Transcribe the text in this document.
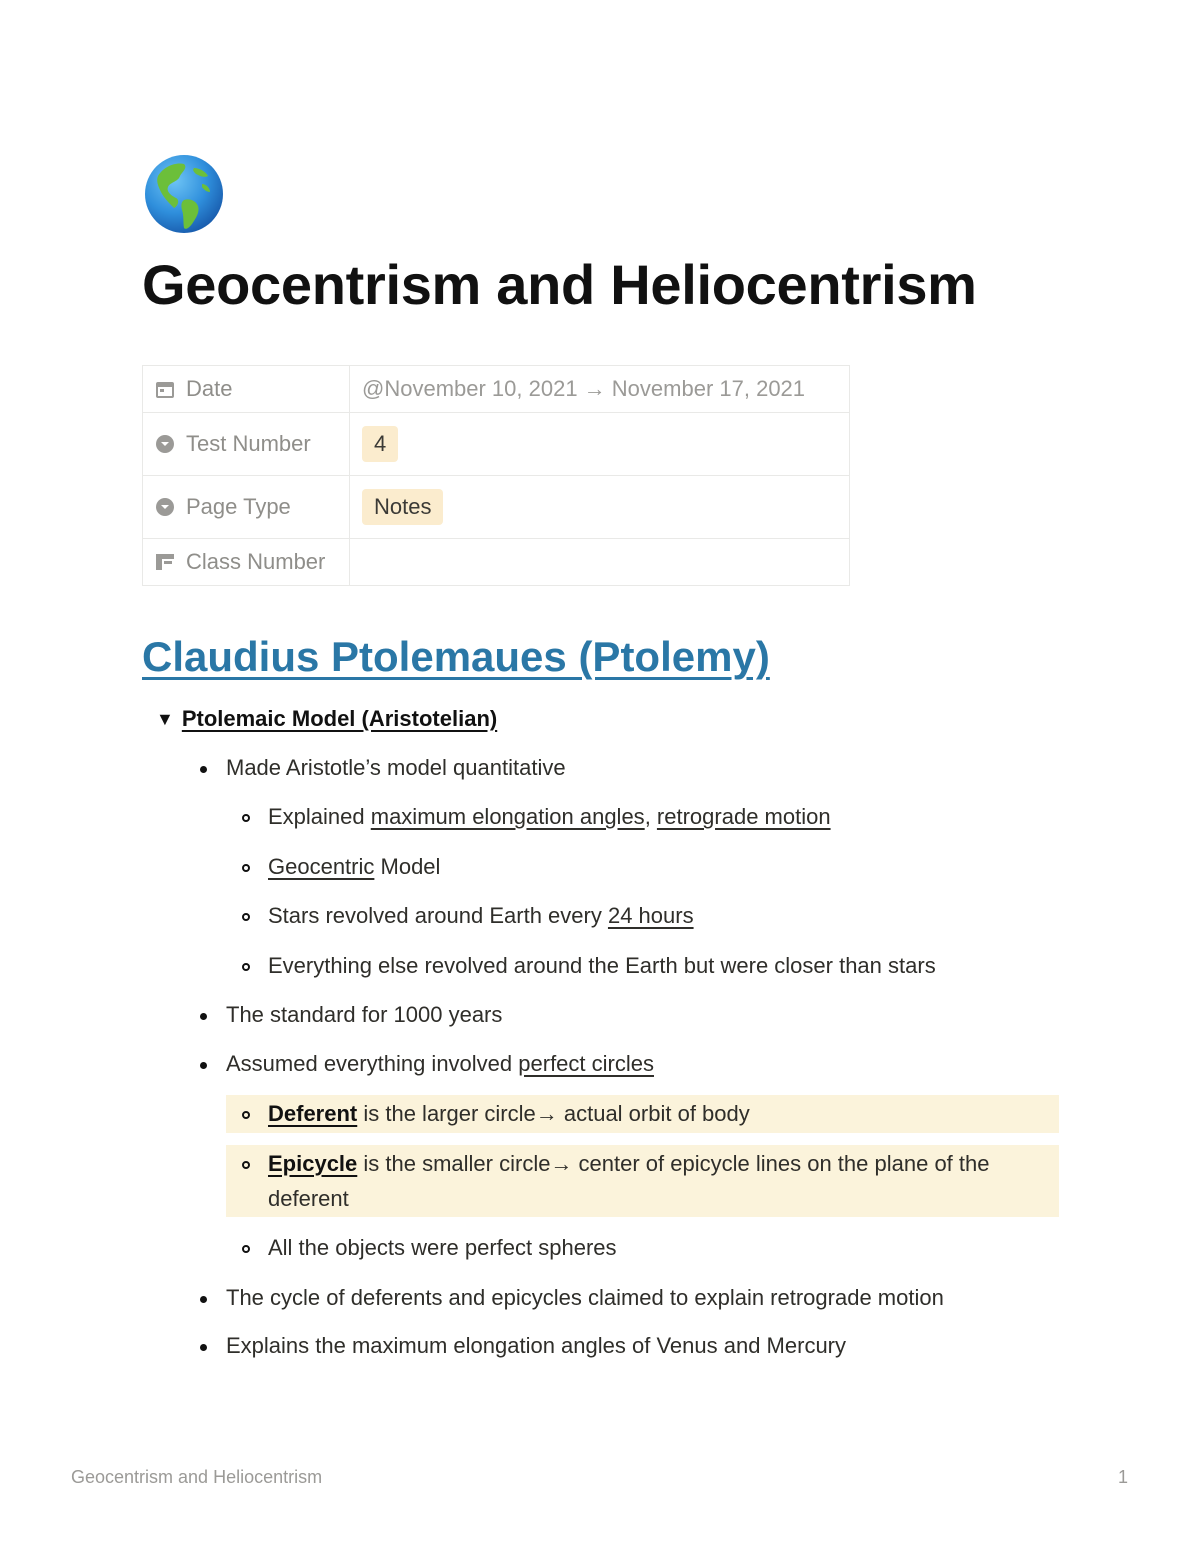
Geocentrism and Heliocentrism
Date	@November 10, 2021 → November 17, 2021
Test Number	4
Page Type	Notes
Class Number	
Claudius Ptolemaues (Ptolemy)
▼ Ptolemaic Model (Aristotelian)
Made Aristotle’s model quantitative
Explained maximum elongation angles, retrograde motion
Geocentric Model
Stars revolved around Earth every 24 hours
Everything else revolved around the Earth but were closer than stars
The standard for 1000 years
Assumed everything involved perfect circles
Deferent is the larger circle→ actual orbit of body
Epicycle is the smaller circle→ center of epicycle lines on the plane of the
deferent
All the objects were perfect spheres
The cycle of deferents and epicycles claimed to explain retrograde motion
Explains the maximum elongation angles of Venus and Mercury
Geocentrism and Heliocentrism	1
